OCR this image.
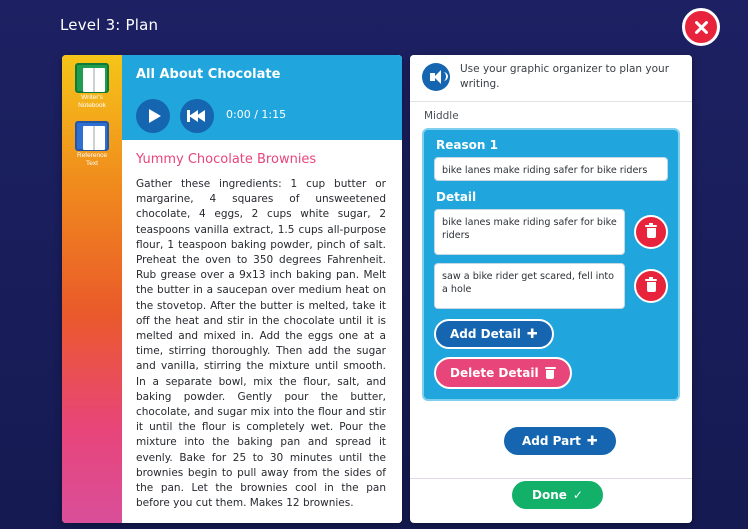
Level 3: Plan
Writer's Notebook
Reference Text
All About Chocolate
0:00 / 1:15
Yummy Chocolate Brownies
Gather these ingredients: 1 cup butter or margarine, 4 squares of unsweetened chocolate, 4 eggs, 2 cups white sugar, 2 teaspoons vanilla extract, 1.5 cups all-purpose flour, 1 teaspoon baking powder, pinch of salt. Preheat the oven to 350 degrees Fahrenheit. Rub grease over a 9x13 inch baking pan. Melt the butter in a saucepan over medium heat on the stovetop. After the butter is melted, take it off the heat and stir in the chocolate until it is melted and mixed in. Add the eggs one at a time, stirring thoroughly. Then add the sugar and vanilla, stirring the mixture until smooth. In a separate bowl, mix the flour, salt, and baking powder. Gently pour the butter, chocolate, and sugar mix into the flour and stir it until the flour is completely wet. Pour the mixture into the baking pan and spread it evenly. Bake for 25 to 30 minutes until the brownies begin to pull away from the sides of the pan. Let the brownies cool in the pan before you cut them. Makes 12 brownies.
Use your graphic organizer to plan your writing.
Middle
Reason 1
bike lanes make riding safer for bike riders
Detail
bike lanes make riding safer for bike riders
saw a bike rider get scared, fell into a hole
Add Detail ✚

Delete Detail
Add Part ✚
Done ✓
